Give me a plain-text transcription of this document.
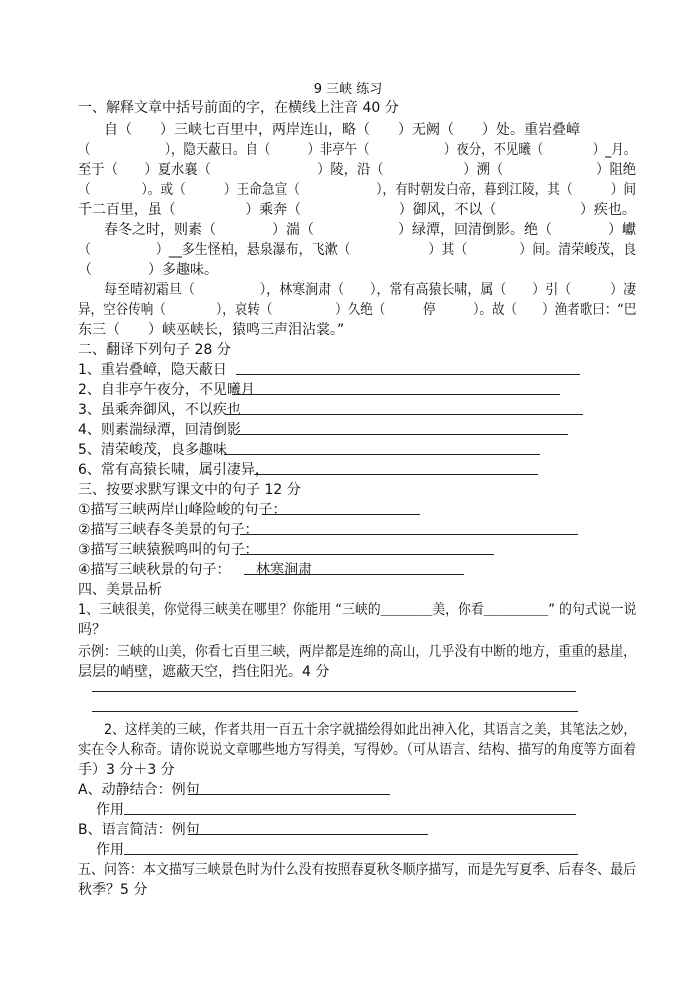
9 三峡 练习
一、解释文章中括号前面的字，在横线上注音 40 分
自（　　）三峡七百里中，两岸连山，略（　　）无阙（　　）处。重岩叠嶂
（　　　　　　），隐天蔽日。自（　　　）非亭午（　　　　　　）夜分，不见曦（　　　　）_月。
至于（　　）夏水襄（　　　　　　　　）陵，沿（　　　　　　）溯（　　　　　　　）阻绝
（　　　　）。或（　　　）王命急宣（　　　　　　），有时朝发白帝，暮到江陵，其（　　　）间
千二百里，虽（　　　　　）乘奔（　　　　　　　）御风，不以（　　　　　　）疾也。
春冬之时，则素（　　　　）湍（　　　　　　）绿潭，回清倒影。绝（　　　　）巘
（　　　　　）__多生怪柏，悬泉瀑布，飞漱（　　　　　　）其（　　　　）间。清荣峻茂，良
（　　　　）多趣味。
每至晴初霜旦（　　　　　），林寒涧肃（　　），常有高猿长啸，属（　　）引（　　　）凄
异，空谷传响（　　　　），哀转（　　　　　）久绝（　　　停　　　）。故（　　）渔者歌曰：“巴
东三（　　）峡巫峡长，猿鸣三声泪沾裳。”
二、翻译下列句子 28 分
1、重岩叠嶂，隐天蔽日
2、自非亭午夜分，不见曦月
3、虽乘奔御风，不以疾也
4、则素湍绿潭，回清倒影
5、清荣峻茂，良多趣味
6、常有高猿长啸，属引凄异，
三、按要求默写课文中的句子 12 分
①描写三峡两岸山峰险峻的句子：
②描写三峡春冬美景的句子：
③描写三峡猿猴鸣叫的句子：
④描写三峡秋景的句子： 林寒涧肃
四、美景品析
1、三峡很美，你觉得三峡美在哪里？你能用 “三峡的＿＿＿＿美，你看＿＿＿＿＿” 的句式说一说
吗？
示例：三峡的山美，你看七百里三峡，两岸都是连绵的高山，几乎没有中断的地方，重重的悬崖，
层层的峭壁，遮蔽天空，挡住阳光。4 分
2、这样美的三峡，作者共用一百五十余字就描绘得如此出神入化，其语言之美，其笔法之妙，
实在令人称奇。请你说说文章哪些地方写得美，写得妙。（可从语言、结构、描写的角度等方面着
手）3 分＋3 分
A、动静结合：例句
作用
B、语言简洁：例句
作用
五、问答：本文描写三峡景色时为什么没有按照春夏秋冬顺序描写，而是先写夏季、后春冬、最后
秋季？5 分
